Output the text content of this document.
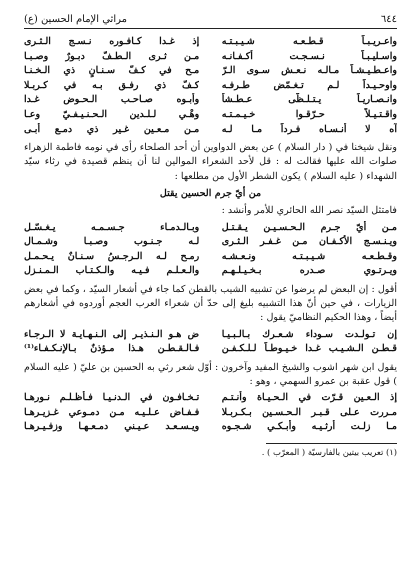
٦٤٤
مراثي الإمام الحسين (ع)
واعـريـبـاً قـطـعـه شـيـبـتـه
إذ غـدا كـافـوره نـسـج الـثـرى
واسـليـبـاً نـسـجـت أكـفـانـه
مـن ثـرى الـطـفّ دبـورٌ وصـبـا
واعـطـيـشـاً مـالـه نـعـش سـوى الـرّ
مـح في كـفّ سـنـانٍ ذي الـخـنـا
واوحـيـداً لـم تـغـمّض طـرفـه
كـفّ ذي رفـق بـه في كـربـلا
وانـصـاريـاً يـتـلـظّى عـطـشاً
وأبـوه صـاحـب الـحـوض غـدا
واقـتـيـلاً حـرّقـوا خـيـمـتـه
وهْـي لـلـدين الـحـنـيـفـيّ وعـا
آه لا أنـسـاه فـرداً مـا لـه
مـن مـعـين غـير ذي دمـع أبـى

ونقل شيخنا في ( دار السلام ) عن بعض الدواوين أن أحد الصلحاء رأى في نومه فاطمة الزهراء صلوات الله عليها فقالت له : قل لأحد الشعراء الموالين لنا أن ينظم قصيدة في رثاء سيّد الشهداء ( عليه السلام ) يكون الشطر الأول من مطلعها :

من أيّ جرم الحسين يقتل

فامتثل السيّد نصر الله الحائري للأمر وأنشد :

مـن أيّ جـرم الـحـسـيـن يـقـتـل
وبـالـدمـاء جـسـمـه يـغـسّـل
ويـنـسـج الأكـفـان مـن غـفـر الـثـرى
لـه جـنـوب وصـبـا وشـمـال
وقـطـعـه شـيـبـتـه ونـعـشـه
رمـح لـه الـرجـسُ سـنـانٌ يـحـمـل
ويـرتـوي صـدره بـخـيـلـهـم
والـعـلـم فـيـه والـكـتـاب الـمـنـزل

أقول : إن البعض لم يرضوا عن تشبيه الشيب بالقطن كما جاء في أشعار السيّد ، وكما في بعض الزيارات ، في حين أنّ هذا التشبيه بليغ إلى حدّ أن شعراء العرب العجم أوردوه في أشعارهم أيضاً ، وهذا الحكيم النظاميّ يقول :

إن تـولـدت سـوداء شـعـرك بـالـبـيـا
ض هـو الـنـذيـر إلى الـنـهـايـة لا الـرجـاء
قـطـن الـشـيـب غـدا خـيـوطـاً لـلـكـفـن
فـالـقـطـن هـذا مـؤذنٌ بـالإنـكـفـاء⁽¹⁾

يقول ابن شهر اشوب والشيخ المفيد وآخرون : أوّل شعر رثي به الحسين بن عليّ ( عليه السلام ) قول عقبة بن عمرو السهمي ، وهو :

إذ الـعـين قـرّت في الـحـيـاة وأنـتـم
تـخـافـون في الـدنـيـا فـأظـلـم نـورهـا
مـررت عـلى قـبـر الـحـسـين بـكـربـلا
فـفـاض عـلـيـه مـن دمـوعي غـزيـرهـا
مـا زلـت أرثـيـه وأبـكـي شـجـوه
ويـسـعـد عـيـني دمـعـهـا وزفـيـرهـا
(١) تعريب بيتين بالفارسيّة ( المعرّب ) .
